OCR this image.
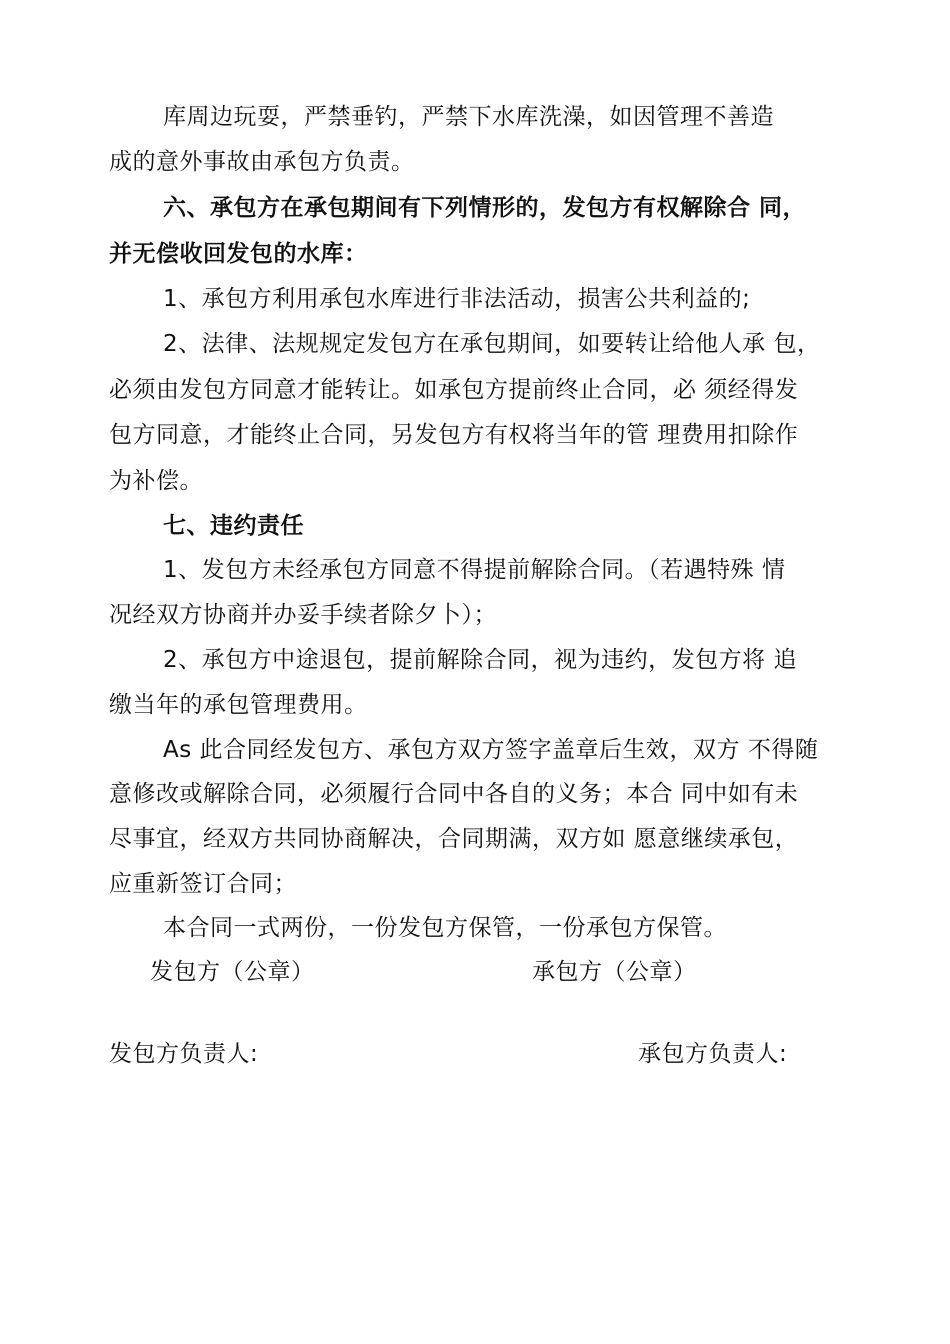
库周边玩耍，严禁垂钓，严禁下水库洗澡，如因管理不善造
成的意外事故由承包方负责。
六、承包方在承包期间有下列情形的，发包方有权解除合 同，
并无偿收回发包的水库：
1、承包方利用承包水库进行非法活动，损害公共利益的;
2、法律、法规规定发包方在承包期间，如要转让给他人承 包，
必须由发包方同意才能转让。如承包方提前终止合同，必 须经得发
包方同意，才能终止合同，另发包方有权将当年的管 理费用扣除作
为补偿。
七、违约责任
1、发包方未经承包方同意不得提前解除合同。（若遇特殊 情
况经双方协商并办妥手续者除夕卜）；
2、承包方中途退包，提前解除合同，视为违约，发包方将 追
缴当年的承包管理费用。
As 此合同经发包方、承包方双方签字盖章后生效，双方 不得随
意修改或解除合同，必须履行合同中各自的义务；本合 同中如有未
尽事宜，经双方共同协商解决，合同期满，双方如 愿意继续承包，
应重新签订合同；
本合同一式两份，一份发包方保管，一份承包方保管。
发包方（公章）	承包方（公章）
发包方负责人:	承包方负责人:
